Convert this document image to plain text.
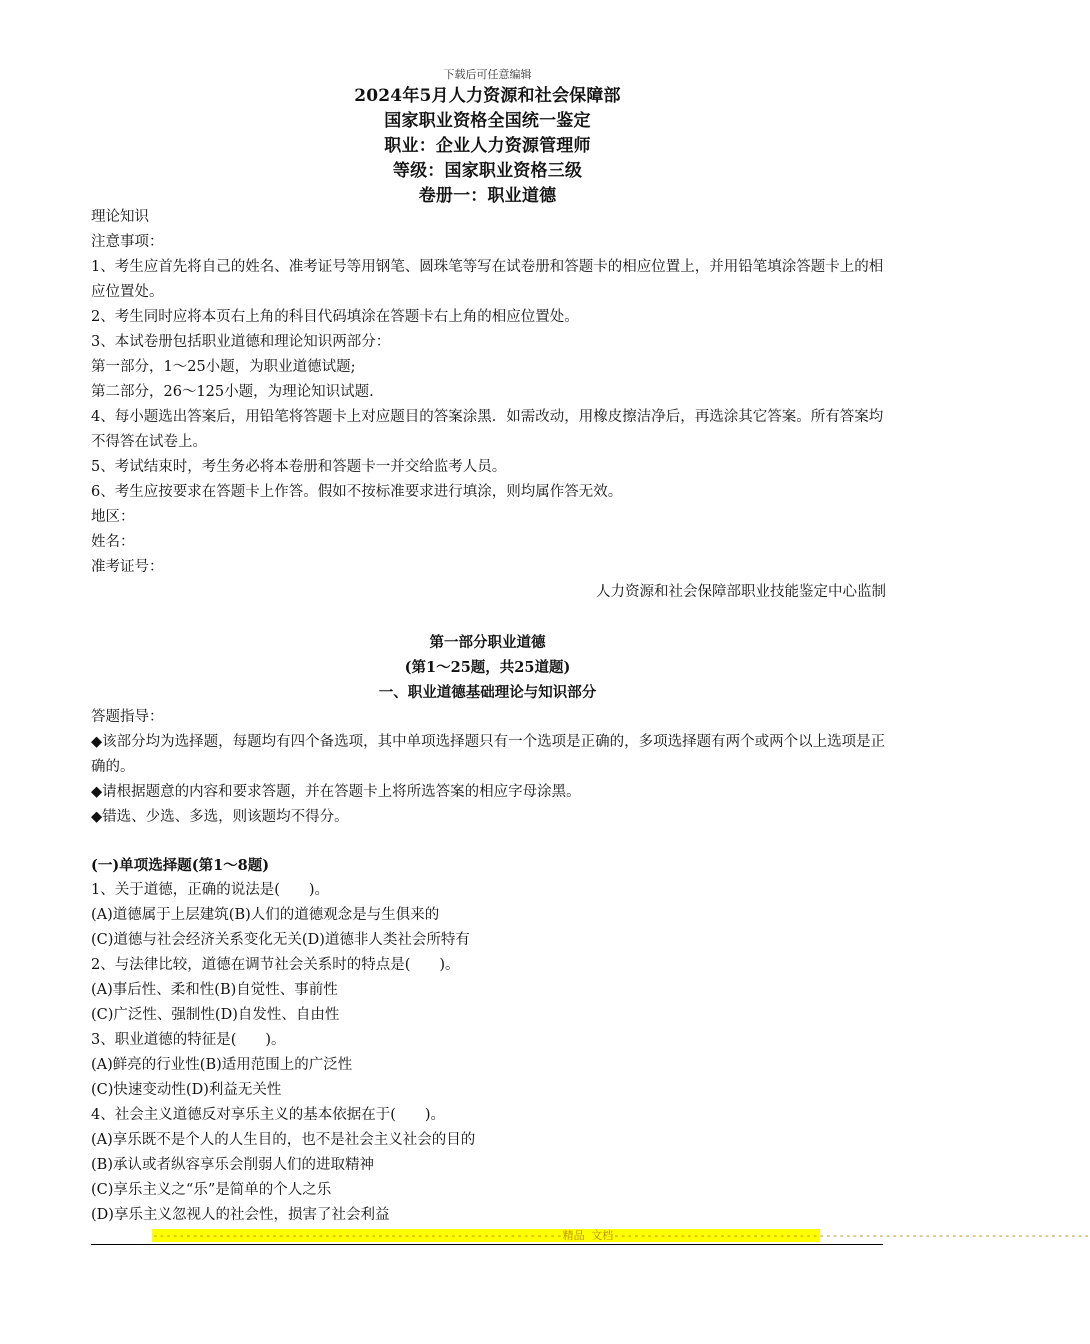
下载后可任意编辑
2024年5月人力资源和社会保障部
国家职业资格全国统一鉴定
职业：企业人力资源管理师
等级：国家职业资格三级
卷册一：职业道德
理论知识
注意事项：
1、考生应首先将自己的姓名、准考证号等用钢笔、圆珠笔等写在试卷册和答题卡的相应位置上，并用铅笔填涂答题卡上的相应位置处。
2、考生同时应将本页右上角的科目代码填涂在答题卡右上角的相应位置处。
3、本试卷册包括职业道德和理论知识两部分：
第一部分，1～25小题，为职业道德试题;
第二部分，26～125小题，为理论知识试题.
4、每小题选出答案后，用铅笔将答题卡上对应题目的答案涂黑．如需改动，用橡皮擦洁净后，再选涂其它答案。所有答案均不得答在试卷上。
5、考试结束时，考生务必将本卷册和答题卡一并交给监考人员。
6、考生应按要求在答题卡上作答。假如不按标准要求进行填涂，则均属作答无效。
地区：
姓名：
准考证号：
人力资源和社会保障部职业技能鉴定中心监制
第一部分职业道德
(第1～25题，共25道题)
一、职业道德基础理论与知识部分
答题指导：
◆该部分均为选择题，每题均有四个备选项，其中单项选择题只有一个选项是正确的，多项选择题有两个或两个以上选项是正确的。
◆请根据题意的内容和要求答题，并在答题卡上将所选答案的相应字母涂黑。
◆错选、少选、多选，则该题均不得分。
(一)单项选择题(第1～8题)
1、关于道德，正确的说法是(　　)。
(A)道德属于上层建筑(B)人们的道德观念是与生俱来的
(C)道德与社会经济关系变化无关(D)道德非人类社会所特有
2、与法律比较，道德在调节社会关系时的特点是(　　)。
(A)事后性、柔和性(B)自觉性、事前性
(C)广泛性、强制性(D)自发性、自由性
3、职业道德的特征是(　　)。
(A)鲜亮的行业性(B)适用范围上的广泛性
(C)快速变动性(D)利益无关性
4、社会主义道德反对享乐主义的基本依据在于(　　)。
(A)享乐既不是个人的人生目的，也不是社会主义社会的目的
(B)承认或者纵容享乐会削弱人们的进取精神
(C)享乐主义之“乐”是简单的个人之乐
(D)享乐主义忽视人的社会性，损害了社会利益
--------------------------------------------------------------精品 文档------------------------------------------------------------------------
